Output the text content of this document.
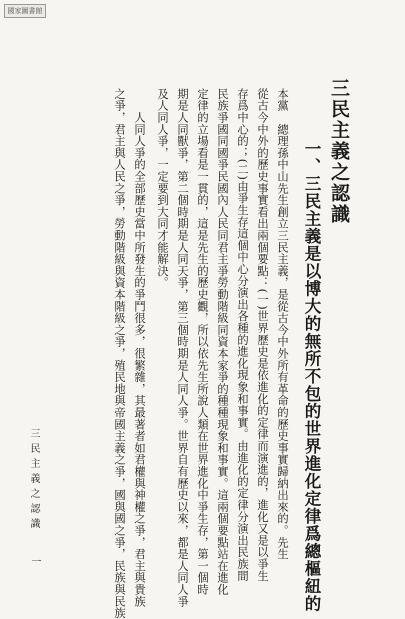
國家圖書館
三民主義之認識
一、三民主義是以博大的無所不包的世界進化定律爲總樞紐的
本黨　總理孫中山先生創立三民主義，是從古今中外所有革命的歷史事實歸納出來的。先生
從古今中外的歷史事實看出兩個要點：(一)世界歷史是依進化的定律而演進的，進化又是以爭生
存爲中心的；(二)由爭生存這個中心分演出各種的進化現象和事實。由進化的定律分演出民族間
民族爭國同國爭民國內人民同君主爭勞動階級同資本家爭的種種現象和事實。這兩個要點站在進化
定律的立場看是一貫的，這是先生的歷史觀，所以依先生所說人類在世界進化中爭生存，第一個時
期是人同獸爭，第二個時期是人同天爭，第三個時期是人同人爭。世界自有歷史以來，都是人同人爭
及人同人爭，一定要到大同才能解決。
　　人同人爭的全部歷史當中所發生的爭鬥很多，很繁雜，其最著者如君權與神權之爭，君主與貴族
之爭，君主與人民之爭，勞動階級與資本階級之爭，殖民地與帝國主義之爭，國與國之爭，民族與民族
三民主義之認識
一
